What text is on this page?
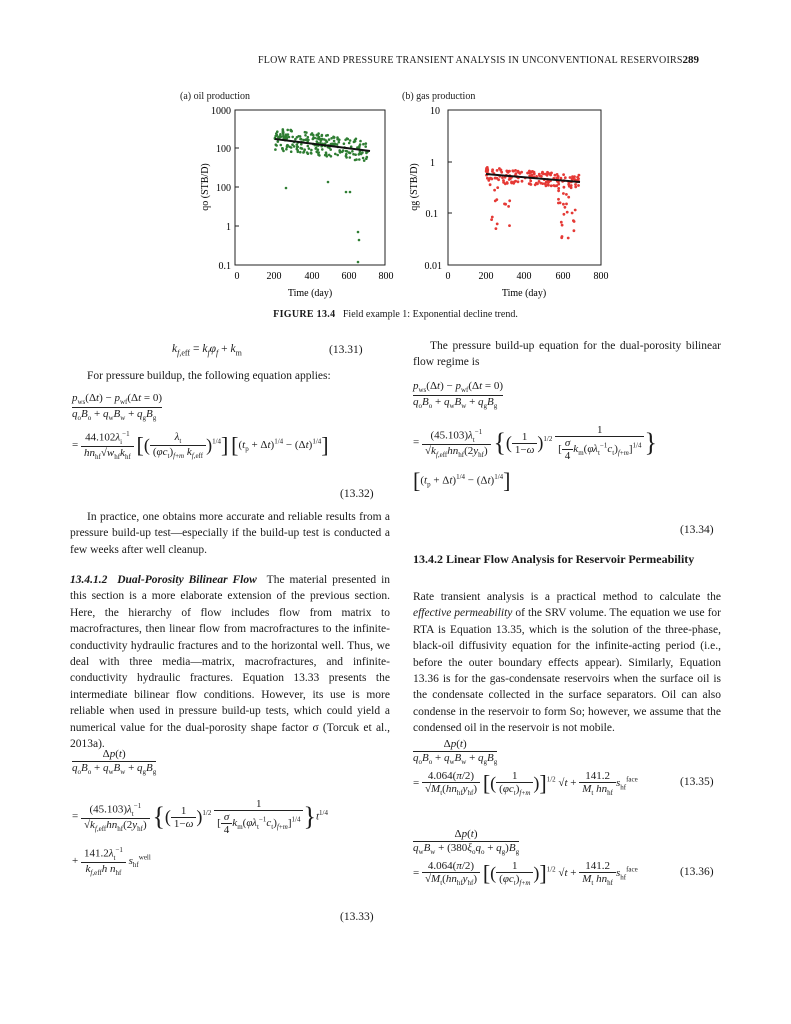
FLOW RATE AND PRESSURE TRANSIENT ANALYSIS IN UNCONVENTIONAL RESERVOIRS 289
(a) oil production	(b) gas production
1000
100
100
1
0.1
0	200 400 600 800
Time (day)
qo (STB/D)
10
1
0.1
0.01
0	200 400 600 800
Time (day)
qg (STB/D)
FIGURE 13.4 Field example 1: Exponential decline trend.
$k_{f,eff} = k_f\varphi_f + k_m$	(13.31)
For pressure buildup, the following equation applies:
$p_{ws}(\Delta t) - p_{wf}(\Delta t = 0)$
$q_oB_o + q_wB_w + q_gB_g$
= $\frac{44.102\lambda_i^{-1}}{hn_{hf}√w_{hf}k_{hf}}$ [( $\frac{\lambda_t}{(\varphi c_t)_{f+m} k_{f,eff}} )^{1/4}$] $[(t_p + \Delta t)^{1/4} - (\Delta t)^{1/4}]$
(13.32)
In practice, one obtains more accurate and reliable results from a pressure build-up test—especially if the build-up test is conducted a few weeks after well cleanup.
13.4.1.2 Dual-Porosity Bilinear Flow The material presented in this section is a more elaborate extension of the previous section. Here, the hierarchy of flow includes flow from matrix to macrofractures, then linear flow from macrofractures to the infinite-conductivity hydraulic fractures and to the horizontal well. Thus, we deal with three media—matrix, macrofractures, and infinite-conductivity hydraulic fractures. Equation 13.33 presents the intermediate bilinear flow conditions. However, its use is more reliable when used in pressure build-up tests, which could yield a numerical value for the dual-porosity shape factor σ (Torcuk et al., 2013a).
Δp(t)
$q_oB_o + q_wB_w + q_gB_g$
= $\frac{(45.103)\lambda_t^{-1}}{√k_{f,eff}hn_{hf}(2y_{hf})}$ {( $\frac{1}{1-\omega} )^{1/2} \frac{1}{[ \frac{\sigma}{4} k_m(\varphi\lambda_t^{-1}c_t)_{f+m}]^{1/4}} \}t^{1/4}$
+ $\frac{141.2\lambda_t^{-1}}{k_{f,eff}h n_{hf}} s_{hf}^{well}$
(13.33)
The pressure build-up equation for the dual-porosity bilinear flow regime is
$p_{ws}(\Delta t) - p_{wf}(\Delta t = 0)$
$q_oB_o + q_wB_w + q_gB_g$
= $\frac{(45.103)\lambda_t^{-1}}{√k_{f,eff}hn_{hf}(2y_{hf})}$ {( $\frac{1}{1-\omega} )^{1/2} \frac{1}{[ \frac{\sigma}{4} k_m(\varphi\lambda_t^{-1}c_t)_{f+m}]^{1/4}}$ }
$[(t_p + \Delta t)^{1/4} - (\Delta t)^{1/4}]$
(13.34)
13.4.2 Linear Flow Analysis for Reservoir Permeability
Rate transient analysis is a practical method to calculate the effective permeability of the SRV volume. The equation we use for RTA is Equation 13.35, which is the solution of the three-phase, black-oil diffusivity equation for the infinite-acting period (i.e., before the outer boundary effects appear). Similarly, Equation 13.36 is for the gas-condensate reservoirs when the surface oil is the condensate collected in the surface separators. Oil can also condense in the reservoir to form So; however, we assume that the condensed oil in the reservoir is not mobile.
Δp(t)
$q_oB_o + q_wB_w + q_gB_g$
= $\frac{4.064(\pi/2)}{√M_t(hn_{hf}y_{hf})}$ [( $\frac{1}{(\varphi c_t)_{f+m}} )]^{1/2}$ $√t + \frac{141.2}{M_t hn_{hf}} s_{hf}^{face}$	(13.35)
Δp(t)
$q_wB_w + (380\xi_oq_o + q_g)B_g$
= $\frac{4.064(\pi/2)}{√M_t(hn_{hf}y_{hf})}$ [( $\frac{1}{(\varphi c_t)_{f+m}} )]^{1/2}$ $√t + \frac{141.2}{M_t hn_{hf}} s_{hf}^{face}$	(13.36)
